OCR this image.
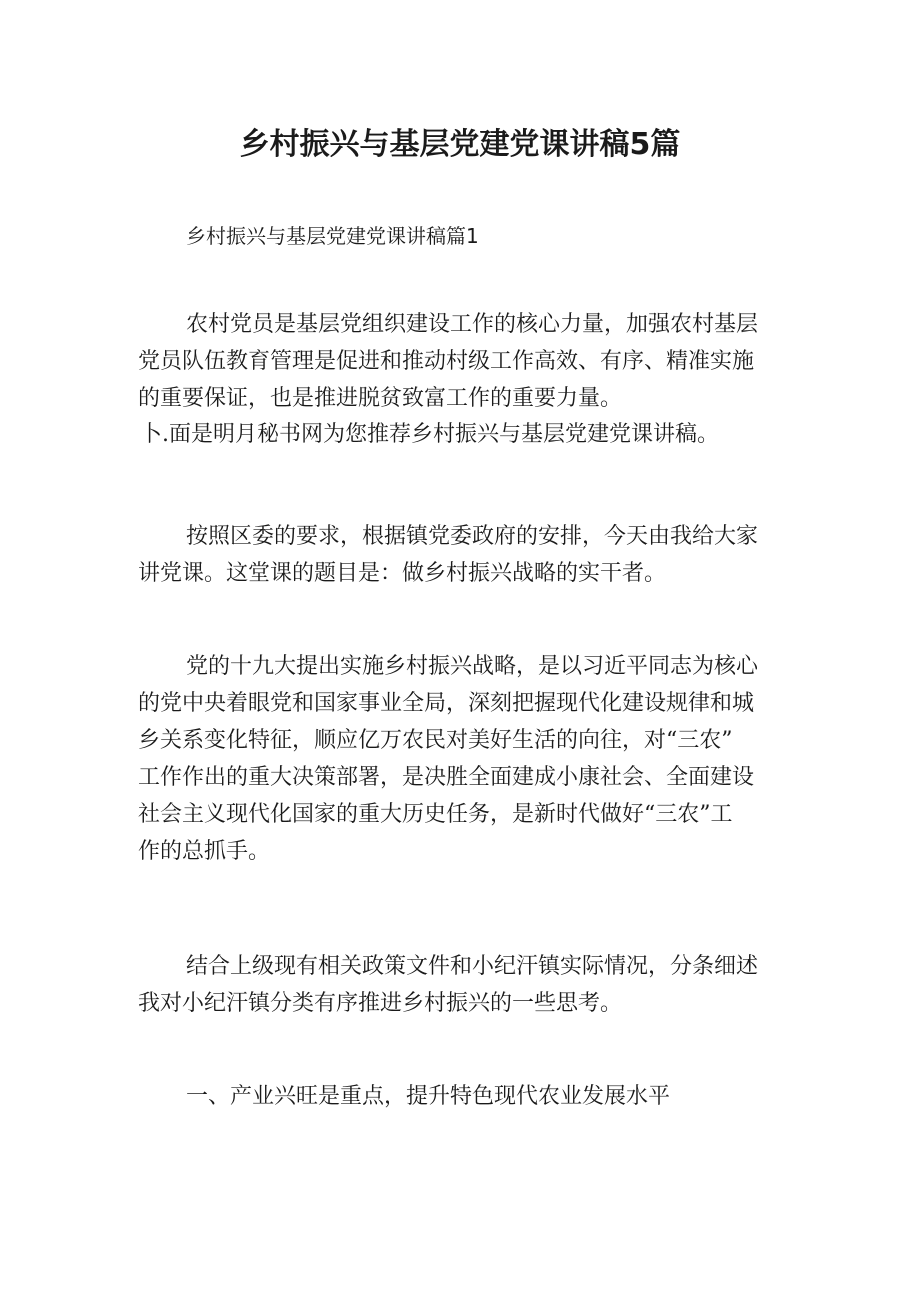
乡村振兴与基层党建党课讲稿5篇

乡村振兴与基层党建党课讲稿篇1

农村党员是基层党组织建设工作的核心力量，加强农村基层
党员队伍教育管理是促进和推动村级工作高效、有序、精准实施
的重要保证，也是推进脱贫致富工作的重要力量。

卜.面是明月秘书网为您推荐乡村振兴与基层党建党课讲稿。

按照区委的要求，根据镇党委政府的安排，今天由我给大家
讲党课。这堂课的题目是：做乡村振兴战略的实干者。

党的十九大提出实施乡村振兴战略，是以习近平同志为核心
的党中央着眼党和国家事业全局，深刻把握现代化建设规律和城
乡关系变化特征，顺应亿万农民对美好生活的向往，对“三农”
工作作出的重大决策部署，是决胜全面建成小康社会、全面建设
社会主义现代化国家的重大历史任务，是新时代做好“三农”工
作的总抓手。

结合上级现有相关政策文件和小纪汗镇实际情况，分条细述
我对小纪汗镇分类有序推进乡村振兴的一些思考。

一、产业兴旺是重点，提升特色现代农业发展水平
